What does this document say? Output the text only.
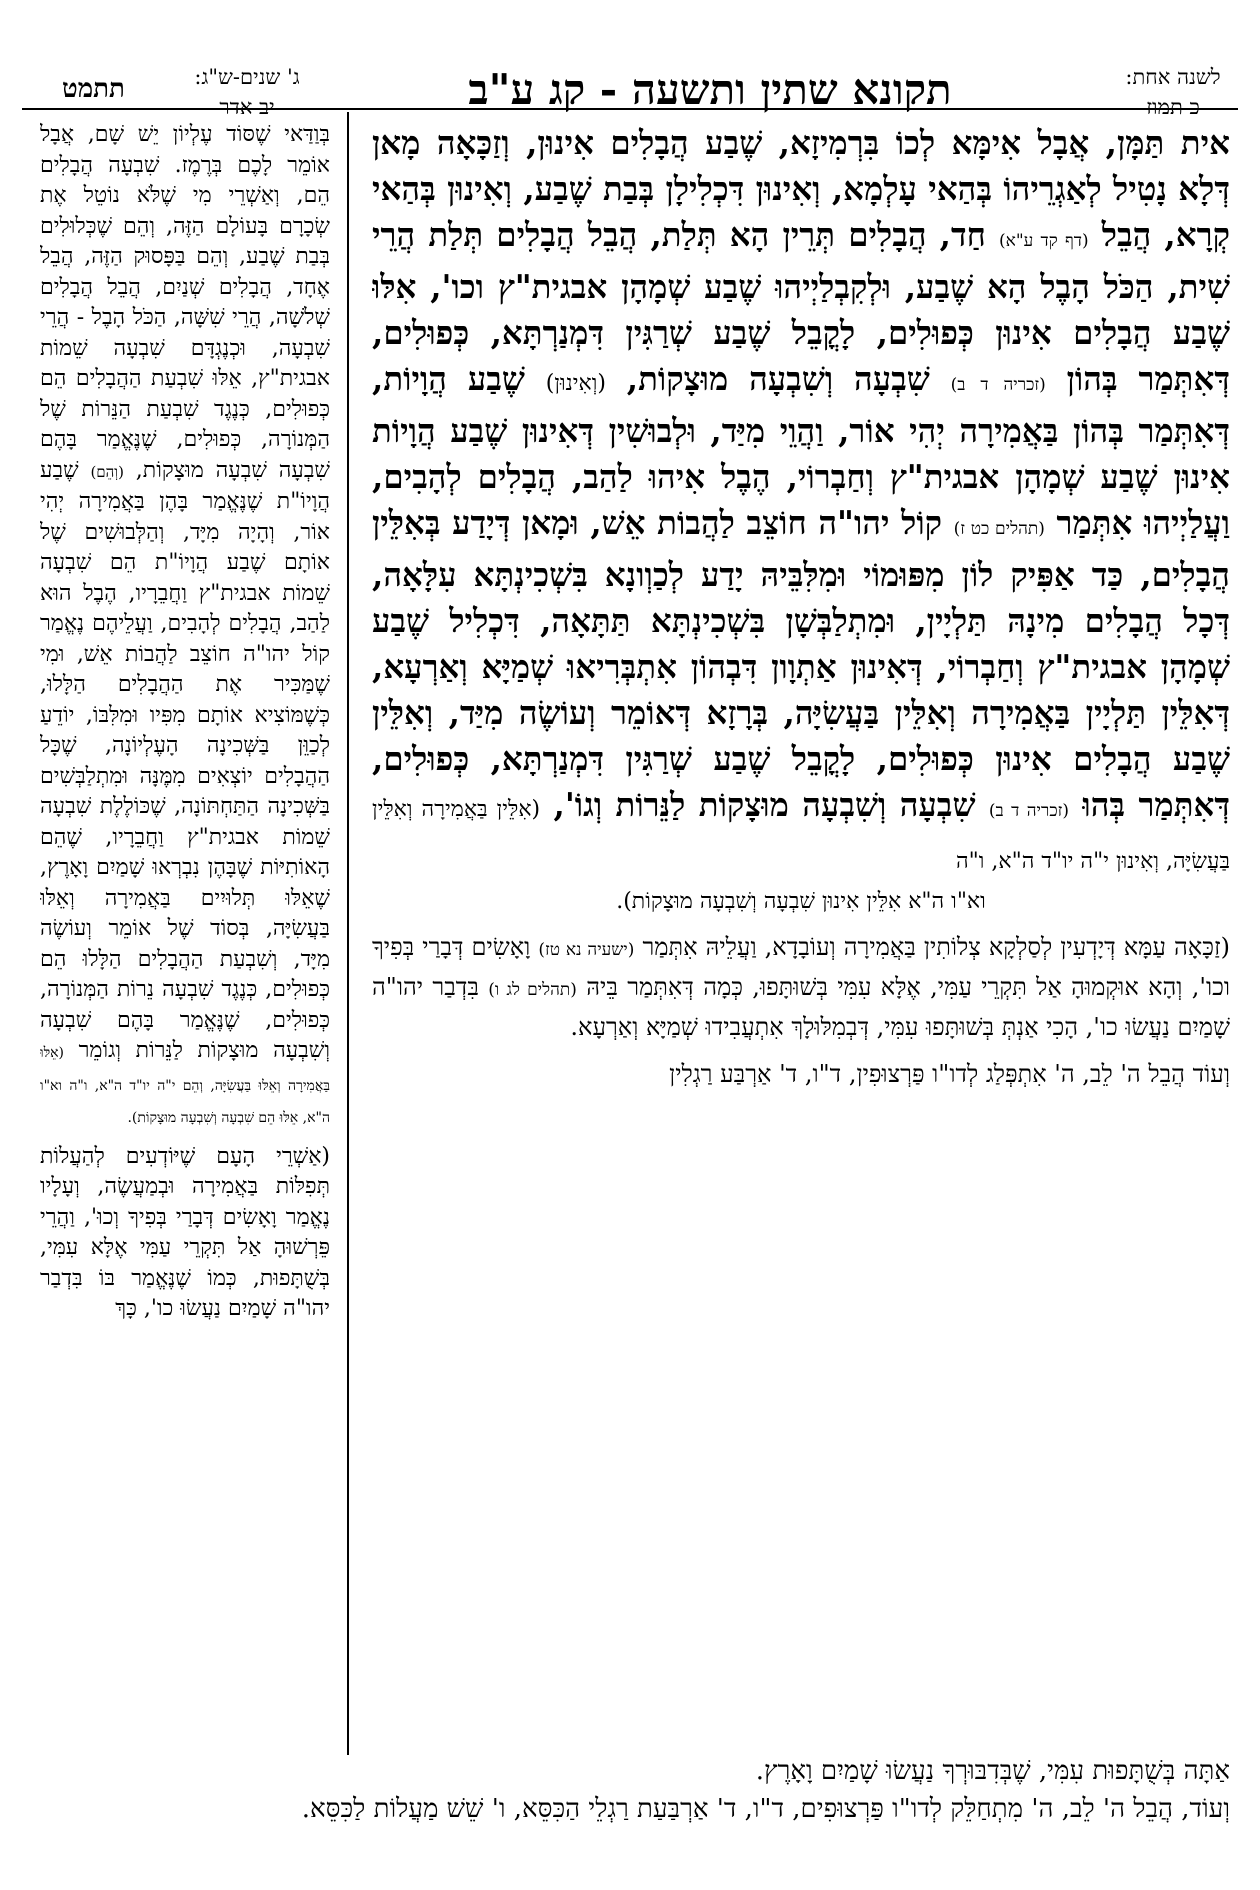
לשנה אחת:
כ תמוז
תקונא שתין ותשעה - קג ע"ב
ג' שנים-ש"ג:
יב אדר
תתמט

אית תַּמָּן, אֲבָל אִימָּא לְכוֹ בִּרְמִיזָא, שֶׁבַע הֲבָלִים אִינוּן, וְזַכָּאָה מָאן דְּלָא נָטִיל לְאַגְרֵיהוֹ בְּהַאי עָלְמָא, וְאִינוּן דִּכְלִילָן בְּבַת שֶׁבַע, וְאִינוּן בְּהַאי קְרָא, הֲבֵל (דף קד ע"א) חַד, הֲבָלִים תְּרֵין הָא תְּלַת, הֲבֵל הֲבָלִים תְּלַת הֲרֵי שִׁית, הַכֹּל הָבֶל הָא שֶׁבַע, וּלְקִבְלַיְיהוּ שֶׁבַע שְׁמָהָן אבגית"ץ וכו', אִלּוּ שֶׁבַע הֲבָלִים אִינוּן כְּפוּלִים, לָקֳבֵל שֶׁבַע שְׁרַגִּין דִּמְנַרְתָּא, כְּפוּלִים, דְּאִתְּמַר בְּהוֹן (זכריה ד ב) שִׁבְעָה וְשִׁבְעָה מוּצָקוֹת, (וְאִינוּן) שֶׁבַע הֲוָיוֹת, דְּאִתְּמַר בְּהוֹן בַּאֲמִירָה יְהִי אוֹר, וַהֲוֵי מִיַּד, וּלְבוּשִׁין דְּאִינוּן שֶׁבַע הֲוָיוֹת אִינוּן שֶׁבַע שְׁמָהָן אבגית"ץ וְחַבְרוֹי, הֶבֶל אִיהוּ לַהַב, הֲבָלִים לְהָבִים, וַעֲלַיְיהוּ אִתְּמַר (תהלים כט ז) קוֹל יהו"ה חוֹצֵב לַהֲבוֹת אֵשׁ, וּמָאן דְּיָדַע בְּאִלֵּין הֲבָלִים, כַּד אַפִּיק לוֹן מִפּוּמוֹי וּמִלִּבֵּיהּ יָדַע לְכַוְונָא בִּשְׁכִינְתָּא עִלָּאָה, דְּכָל הֲבָלִים מִינָהּ תַּלְיָין, וּמִתְלַבְּשָׁן בִּשְׁכִינְתָּא תַּתָּאָה, דִּכְלִיל שֶׁבַע שְׁמָהָן אבגית"ץ וְחַבְרוֹי, דְּאִינוּן אַתְוָון דִּבְהוֹן אִתְבְּרִיאוּ שְׁמַיָּא וְאַרְעָא, דְּאִלֵּין תַּלְיָין בַּאֲמִירָה וְאִלֵּין בַּעֲשִׂיָּה, בְּרָזָא דְּאוֹמֵר וְעוֹשֶׂה מִיַּד, וְאִלֵּין שֶׁבַע הֲבָלִים אִינוּן כְּפוּלִים, לָקֳבֵל שֶׁבַע שְׁרַגִּין דִּמְנַרְתָּא, כְּפוּלִים, דְּאִתְּמַר בְּהוּ (זכריה ד ב) שִׁבְעָה וְשִׁבְעָה מוּצָקוֹת לַנֵּרוֹת וְגוֹ', (אִלֵּין בַּאֲמִירָה וְאִלֵּין בַּעֲשִׂיָּה, וְאִינוּן י"ה יו"ד ה"א, ו"ה

וא"ו ה"א אִלֵּין אִינוּן שִׁבְעָה וְשִׁבְעָה מוּצָקוֹת).

(זַכָּאָה עַמָּא דְּיָדְעִין לְסַלְקָא צְלוֹתִין בַּאֲמִירָה וְעוֹבָדָא, וַעֲלֵיהּ אִתְּמַר (ישעיה נא טז) וָאָשִׂים דְּבָרַי בְּפִיךָ וכו', וְהָא אוּקְמוּהָ אַל תִּקְרֵי עַמִּי, אֶלָּא עִמִּי בְּשׁוּתָּפוּ, כְּמָה דְּאִתְּמַר בֵּיהּ (תהלים לג ו) בִּדְבַר יהו"ה שָׁמַיִם נַעֲשׂוּ כו', הָכִי אַנְתְּ בְּשׁוּתָּפוּ עִמִּי, דְּבְמִלּוּלָךְ אִתְעֲבִידוּ שְׁמַיָּא וְאַרְעָא.

וְעוֹד הֲבֵל ה' לֵב, ה' אִתְפְּלַג לְדו"ו פַּרְצוּפִין, ד"ו, ד' אַרְבַּע רַגְלִין

בְּוַדַּאי שֶׁסּוֹד עֶלְיוֹן יֵשׁ שָׁם, אֲבָל אוֹמֵר לָכֶם בְּרֶמֶז. שִׁבְעָה הֲבָלִים הֵם, וְאַשְׁרֵי מִי שֶׁלֹּא נוֹטֵל אֶת שְׂכָרָם בָּעוֹלָם הַזֶּה, וְהֵם שֶׁכְּלוּלִים בְּבַת שֶׁבַע, וְהֵם בַּפָּסוּק הַזֶּה, הֲבֵל אֶחָד, הֲבָלִים שְׁנַיִם, הֲבֵל הֲבָלִים שְׁלֹשָׁה, הֲרֵי שִׁשָּׁה, הַכֹּל הָבֶל - הֲרֵי שִׁבְעָה, וּכְנֶגְדָּם שִׁבְעָה שֵׁמוֹת אבגית"ץ, אֵלּוּ שִׁבְעַת הַהֲבָלִים הֵם כְּפוּלִים, כְּנֶגֶד שִׁבְעַת הַנֵּרוֹת שֶׁל הַמְּנוֹרָה, כְּפוּלִים, שֶׁנֶּאֱמַר בָּהֶם שִׁבְעָה שִׁבְעָה מוּצָקוֹת, (וְהֵם) שֶׁבַע הֲוָיוֹ"ת שֶׁנֶּאֱמַר בָּהֶן בַּאֲמִירָה יְהִי אוֹר, וְהָיָה מִיָּד, וְהַלְּבוּשִׁים שֶׁל אוֹתָם שֶׁבַע הֲוָיוֹ"ת הֵם שִׁבְעָה שֵׁמוֹת אבגית"ץ וַחֲבֵרָיו, הֶבֶל הוּא לַהַב, הֲבָלִים לְהָבִים, וַעֲלֵיהֶם נֶאֱמַר קוֹל יהו"ה חוֹצֵב לַהֲבוֹת אֵשׁ, וּמִי שֶׁמַּכִּיר אֶת הַהֲבָלִים הַלָּלוּ, כְּשֶׁמּוֹצִיא אוֹתָם מִפִּיו וּמִלִּבּוֹ, יוֹדֵעַ לְכַוֵּן בַּשְּׁכִינָה הָעֶלְיוֹנָה, שֶׁכָּל הַהֲבָלִים יוֹצְאִים מִמֶּנָּה וּמִתְלַבְּשִׁים בַּשְּׁכִינָה הַתַּחְתּוֹנָה, שֶׁכּוֹלֶלֶת שִׁבְעָה שֵׁמוֹת אבגית"ץ וַחֲבֵרָיו, שֶׁהֵם הָאוֹתִיּוֹת שֶׁבָּהֶן נִבְרְאוּ שָׁמַיִם וָאָרֶץ, שֶׁאֵלּוּ תְּלוּיִים בַּאֲמִירָה וְאֵלּוּ בַּעֲשִׂיָּה, בְּסוֹד שֶׁל אוֹמֵר וְעוֹשֶׂה מִיָּד, וְשִׁבְעַת הַהֲבָלִים הַלָּלוּ הֵם כְּפוּלִים, כְּנֶגֶד שִׁבְעָה נֵרוֹת הַמְּנוֹרָה, כְּפוּלִים, שֶׁנֶּאֱמַר בָּהֶם שִׁבְעָה וְשִׁבְעָה מוּצָקוֹת לַנֵּרוֹת וְגוֹמֵר (אֵלּוּ בַּאֲמִירָה וְאֵלּוּ בַּעֲשִׂיָּה, וְהֵם י"ה יו"ד ה"א, ו"ה וא"ו ה"א, אֵלּוּ הֵם שִׁבְעָה וְשִׁבְעָה מוּצָקוֹת).

(אַשְׁרֵי הָעָם שֶׁיּוֹדְעִים לְהַעֲלוֹת תְּפִלּוֹת בַּאֲמִירָה וּבְמַעֲשֶׂה, וְעָלָיו נֶאֱמַר וָאָשִׂים דְּבָרַי בְּפִיךָ וְכוּ', וַהֲרֵי פֵּרְשׁוּהָ אַל תִּקְרֵי עַמִּי אֶלָּא עִמִּי, בְּשֻׁתָּפוּת, כְּמוֹ שֶׁנֶּאֱמַר בּוֹ בִּדְבַר יהו"ה שָׁמַיִם נַעֲשׂוּ כו', כָּךְ

אַתָּה בְּשֻׁתָּפוּת עִמִּי, שֶׁבְּדִבּוּרְךָ נַעֲשׂוּ שָׁמַיִם וָאָרֶץ.

וְעוֹד, הֲבֵל ה' לֵב, ה' מִתְחַלֵּק לְדו"ו פַּרְצוּפִים, ד"ו, ד' אַרְבַּעַת רַגְלֵי הַכִּסֵּא, ו' שֵׁשׁ מַעֲלוֹת לַכִּסֵּא.
